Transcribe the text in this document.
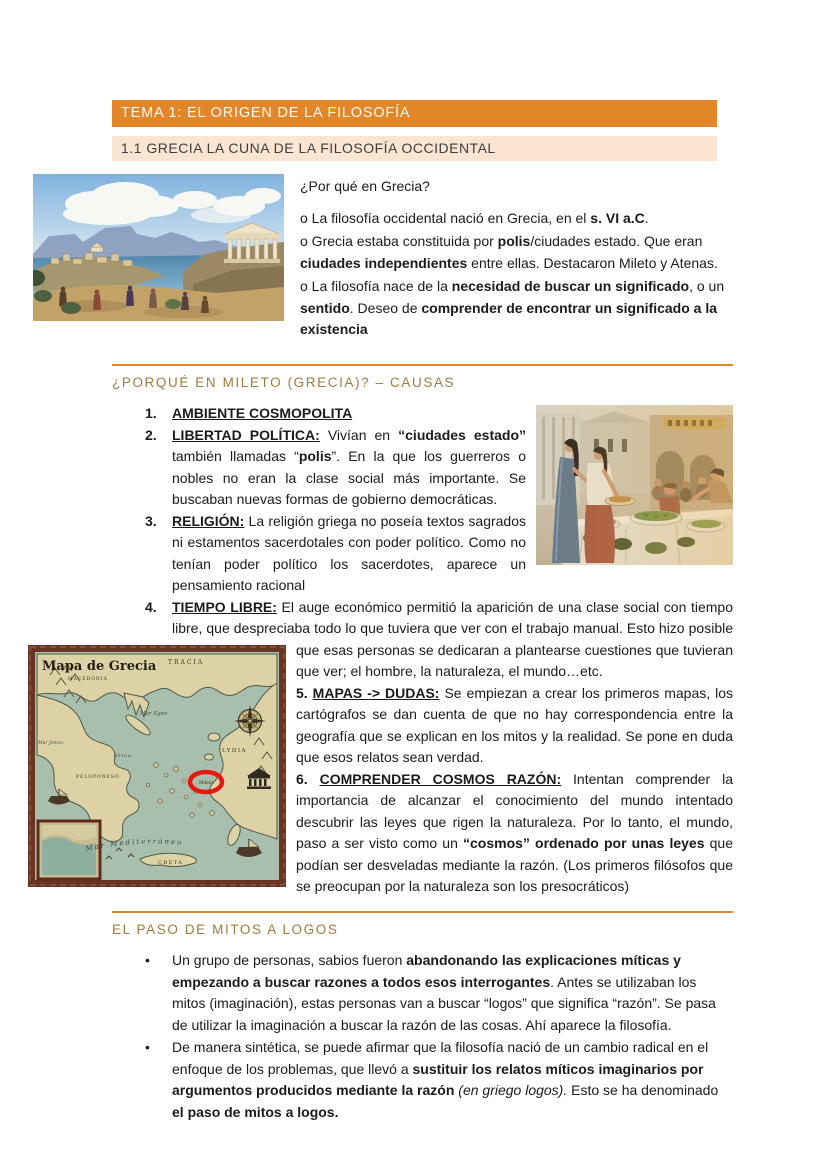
TEMA 1: EL ORIGEN DE LA FILOSOFÍA
1.1 GRECIA LA CUNA DE LA FILOSOFÍA OCCIDENTAL

¿Por qué en Grecia?

o La filosofía occidental nació en Grecia, en el s. VI a.C.

o Grecia estaba constituida por polis/ciudades estado. Que eran ciudades independientes entre ellas. Destacaron Mileto y Atenas.

o La filosofía nace de la necesidad de buscar un significado, o un sentido. Deseo de comprender de encontrar un significado a la existencia

¿PORQUÉ EN MILETO (GRECIA)? – CAUSAS
1. AMBIENTE COSMOPOLITA
2. LIBERTAD POLÍTICA: Vivían en “ciudades estado” también llamadas “polis”. En la que los guerreros o nobles no eran la clase social más importante. Se buscaban nuevas formas de gobierno democráticas.
3. RELIGIÓN: La religión griega no poseía textos sagrados ni estamentos sacerdotales con poder político. Como no tenían poder político los sacerdotes, aparece un pensamiento racional
4. TIEMPO LIBRE: El auge económico permitió la aparición de una clase social con tiempo libre, que despreciaba todo lo que tuviera que ver con el trabajo manual. Esto hizo posible que esas
Mileto
Mapa de Grecia TRACIA
MACEDONIA
Mar Egeo
Mar Jónico
ATICA
PELOPONESO
LYDIA
CRETA
Mar Mediterráneo
personas se dedicaran a plantearse cuestiones que tuvieran que ver; el hombre, la naturaleza, el mundo…etc.
5. MAPAS -> DUDAS: Se empiezan a crear los primeros mapas, los cartógrafos se dan cuenta de que no hay correspondencia entre la geografía que se explican en los mitos y la realidad. Se pone en duda que esos relatos sean verdad.
6. COMPRENDER COSMOS RAZÓN: Intentan comprender la importancia de alcanzar el conocimiento del mundo intentado descubrir las leyes que rigen la naturaleza. Por lo tanto, el mundo, paso a ser visto como un “cosmos” ordenado por unas leyes que podían ser desveladas mediante la razón. (Los primeros filósofos que se preocupan por la naturaleza son los presocráticos)
EL PASO DE MITOS A LOGOS
• Un grupo de personas, sabios fueron abandonando las explicaciones míticas y empezando a buscar razones a todos esos interrogantes. Antes se utilizaban los mitos (imaginación), estas personas van a buscar “logos” que significa “razón”. Se pasa de utilizar la imaginación a buscar la razón de las cosas. Ahí aparece la filosofía.
• De manera sintética, se puede afirmar que la filosofía nació de un cambio radical en el enfoque de los problemas, que llevó a sustituir los relatos míticos imaginarios por argumentos producidos mediante la razón (en griego logos). Esto se ha denominado el paso de mitos a logos.
